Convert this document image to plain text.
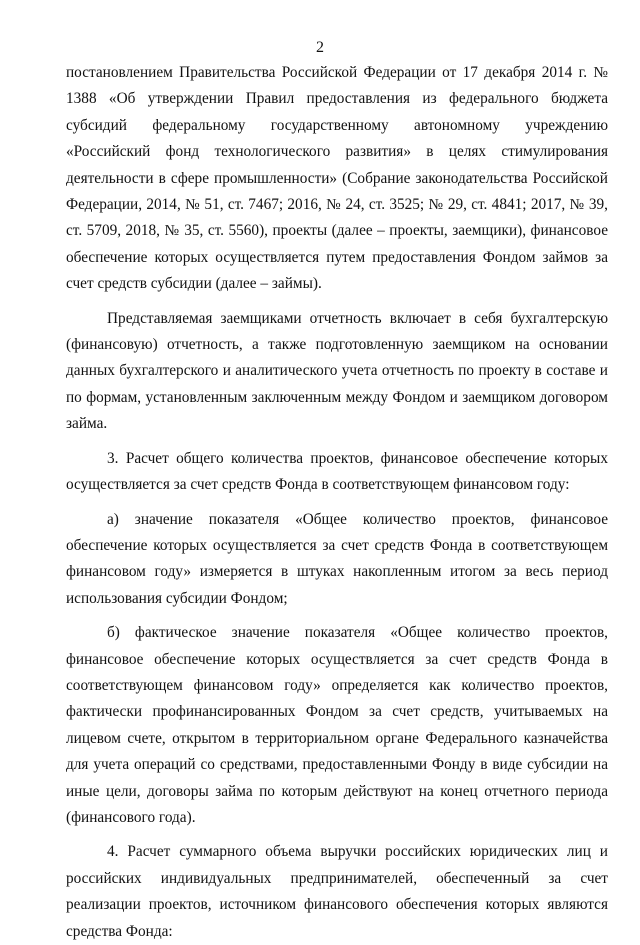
2

постановлением Правительства Российской Федерации от 17 декабря 2014 г. № 1388 «Об утверждении Правил предоставления из федерального бюджета субсидий федеральному государственному автономному учреждению «Российский фонд технологического развития» в целях стимулирования деятельности в сфере промышленности» (Собрание законодательства Российской Федерации, 2014, № 51, ст. 7467; 2016, № 24, ст. 3525; № 29, ст. 4841; 2017, № 39, ст. 5709, 2018, № 35, ст. 5560), проекты (далее – проекты, заемщики), финансовое обеспечение которых осуществляется путем предоставления Фондом займов за счет средств субсидии (далее – займы).

Представляемая заемщиками отчетность включает в себя бухгалтерскую (финансовую) отчетность, а также подготовленную заемщиком на основании данных бухгалтерского и аналитического учета отчетность по проекту в составе и по формам, установленным заключенным между Фондом и заемщиком договором займа.

3. Расчет общего количества проектов, финансовое обеспечение которых осуществляется за счет средств Фонда в соответствующем финансовом году:

а) значение показателя «Общее количество проектов, финансовое обеспечение которых осуществляется за счет средств Фонда в соответствующем финансовом году» измеряется в штуках накопленным итогом за весь период использования субсидии Фондом;

б) фактическое значение показателя «Общее количество проектов, финансовое обеспечение которых осуществляется за счет средств Фонда в соответствующем финансовом году» определяется как количество проектов, фактически профинансированных Фондом за счет средств, учитываемых на лицевом счете, открытом в территориальном органе Федерального казначейства для учета операций со средствами, предоставленными Фонду в виде субсидии на иные цели, договоры займа по которым действуют на конец отчетного периода (финансового года).

4. Расчет суммарного объема выручки российских юридических лиц и российских индивидуальных предпринимателей, обеспеченный за счет реализации проектов, источником финансового обеспечения которых являются средства Фонда:
